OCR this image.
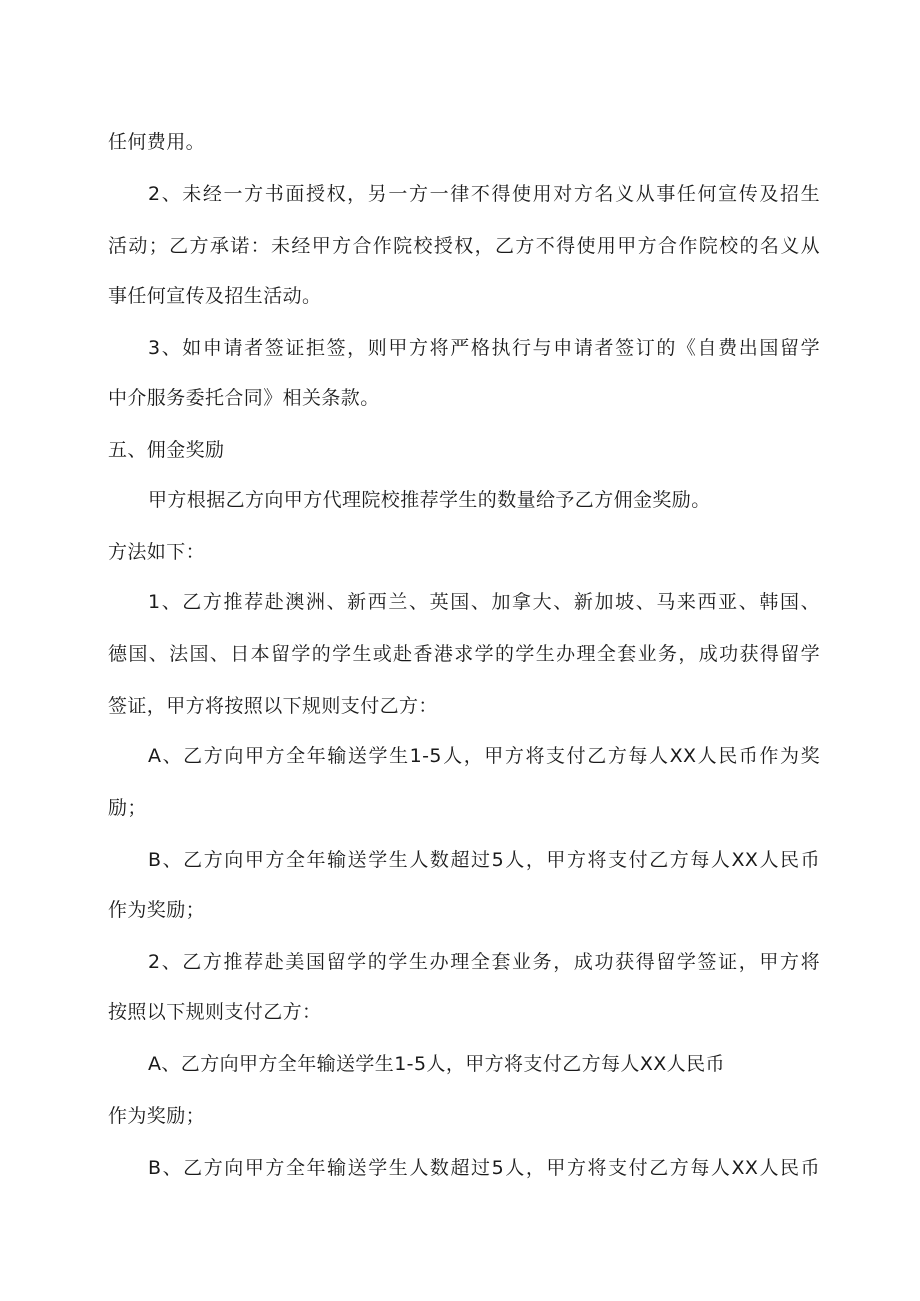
任何费用。
2、未经一方书面授权，另一方一律不得使用对方名义从事任何宣传及招生
活动；乙方承诺：未经甲方合作院校授权，乙方不得使用甲方合作院校的名义从
事任何宣传及招生活动。
3、如申请者签证拒签，则甲方将严格执行与申请者签订的《自费出国留学
中介服务委托合同》相关条款。
五、佣金奖励
甲方根据乙方向甲方代理院校推荐学生的数量给予乙方佣金奖励。
方法如下：
1、乙方推荐赴澳洲、新西兰、英国、加拿大、新加坡、马来西亚、韩国、
德国、法国、日本留学的学生或赴香港求学的学生办理全套业务，成功获得留学
签证，甲方将按照以下规则支付乙方：
A、乙方向甲方全年输送学生1-5人，甲方将支付乙方每人XX人民币作为奖
励；
B、乙方向甲方全年输送学生人数超过5人，甲方将支付乙方每人XX人民币
作为奖励；
2、乙方推荐赴美国留学的学生办理全套业务，成功获得留学签证，甲方将
按照以下规则支付乙方：
A、乙方向甲方全年输送学生1-5人，甲方将支付乙方每人XX人民币
作为奖励；
B、乙方向甲方全年输送学生人数超过5人，甲方将支付乙方每人XX人民币
